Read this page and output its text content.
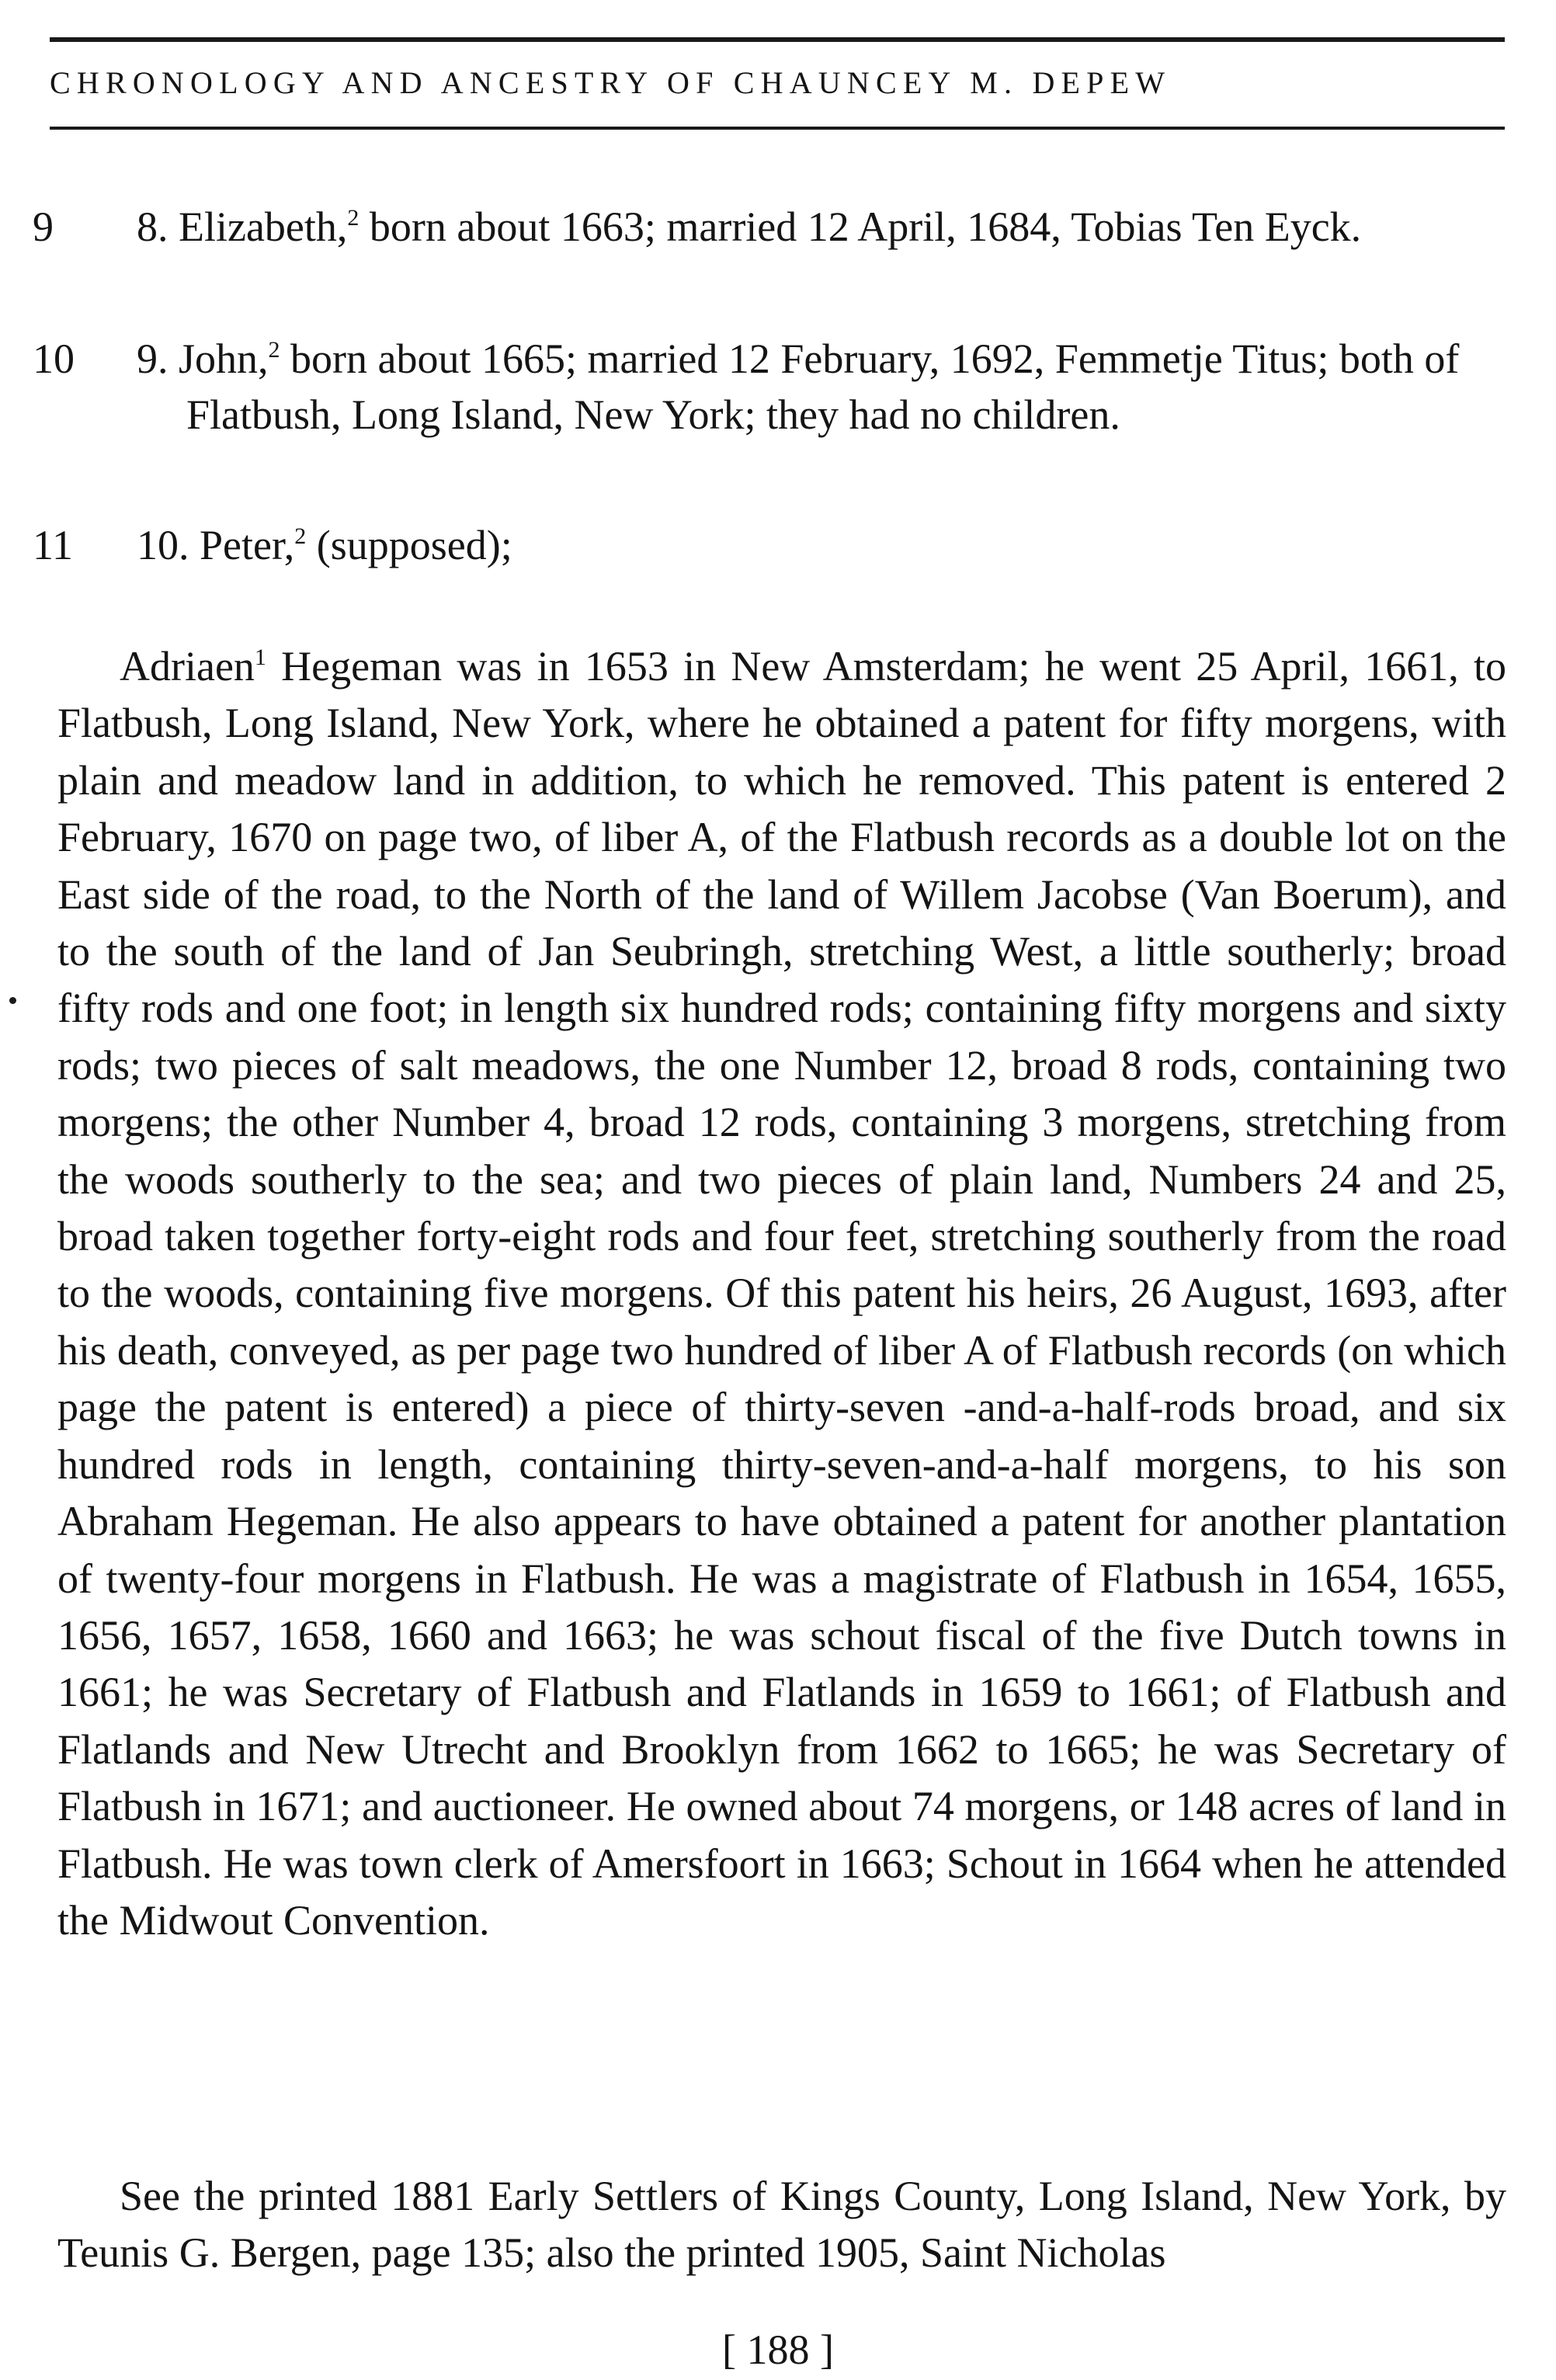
CHRONOLOGY AND ANCESTRY OF CHAUNCEY M. DEPEW
9	8. Elizabeth,$^2$ born about 1663; married 12 April, 1684, Tobias Ten Eyck.
10 9. John,$^2$ born about 1665; married 12 February, 1692, Femmetje Titus; both of Flatbush, Long Island, New York; they had no children.
11 10. Peter,$^2$ (supposed);

Adriaen$^1$ Hegeman was in 1653 in New Amsterdam; he went 25 April, 1661, to Flatbush, Long Island, New York, where he obtained a patent for fifty morgens, with plain and meadow land in addition, to which he removed. This patent is entered 2 February, 1670 on page two, of liber A, of the Flatbush records as a double lot on the East side of the road, to the North of the land of Willem Jacobse (Van Boerum), and to the south of the land of Jan Seubringh, stretching West, a little southerly; broad fifty rods and one foot; in length six hundred rods; containing fifty morgens and sixty rods; two pieces of salt meadows, the one Number 12, broad 8 rods, containing two morgens; the other Number 4, broad 12 rods, containing 3 morgens, stretching from the woods southerly to the sea; and two pieces of plain land, Numbers 24 and 25, broad taken together forty-eight rods and four feet, stretching southerly from the road to the woods, containing five morgens. Of this patent his heirs, 26 August, 1693, after his death, conveyed, as per page two hundred of liber A of Flatbush records (on which page the patent is entered) a piece of thirty-seven -and-a-half-rods broad, and six hundred rods in length, containing thirty-seven-and-a-half morgens, to his son Abraham Hegeman. He also appears to have obtained a patent for another plantation of twenty-four morgens in Flatbush. He was a magistrate of Flatbush in 1654, 1655, 1656, 1657, 1658, 1660 and 1663; he was schout fiscal of the five Dutch towns in 1661; he was Secretary of Flatbush and Flatlands in 1659 to 1661; of Flatbush and Flatlands and New Utrecht and Brooklyn from 1662 to 1665; he was Secretary of Flatbush in 1671; and auctioneer. He owned about 74 morgens, or 148 acres of land in Flatbush. He was town clerk of Amersfoort in 1663; Schout in 1664 when he attended the Midwout Convention.

See the printed 1881 Early Settlers of Kings County, Long Island, New York, by Teunis G. Bergen, page 135; also the printed 1905, Saint Nicholas

[ 188 ]
